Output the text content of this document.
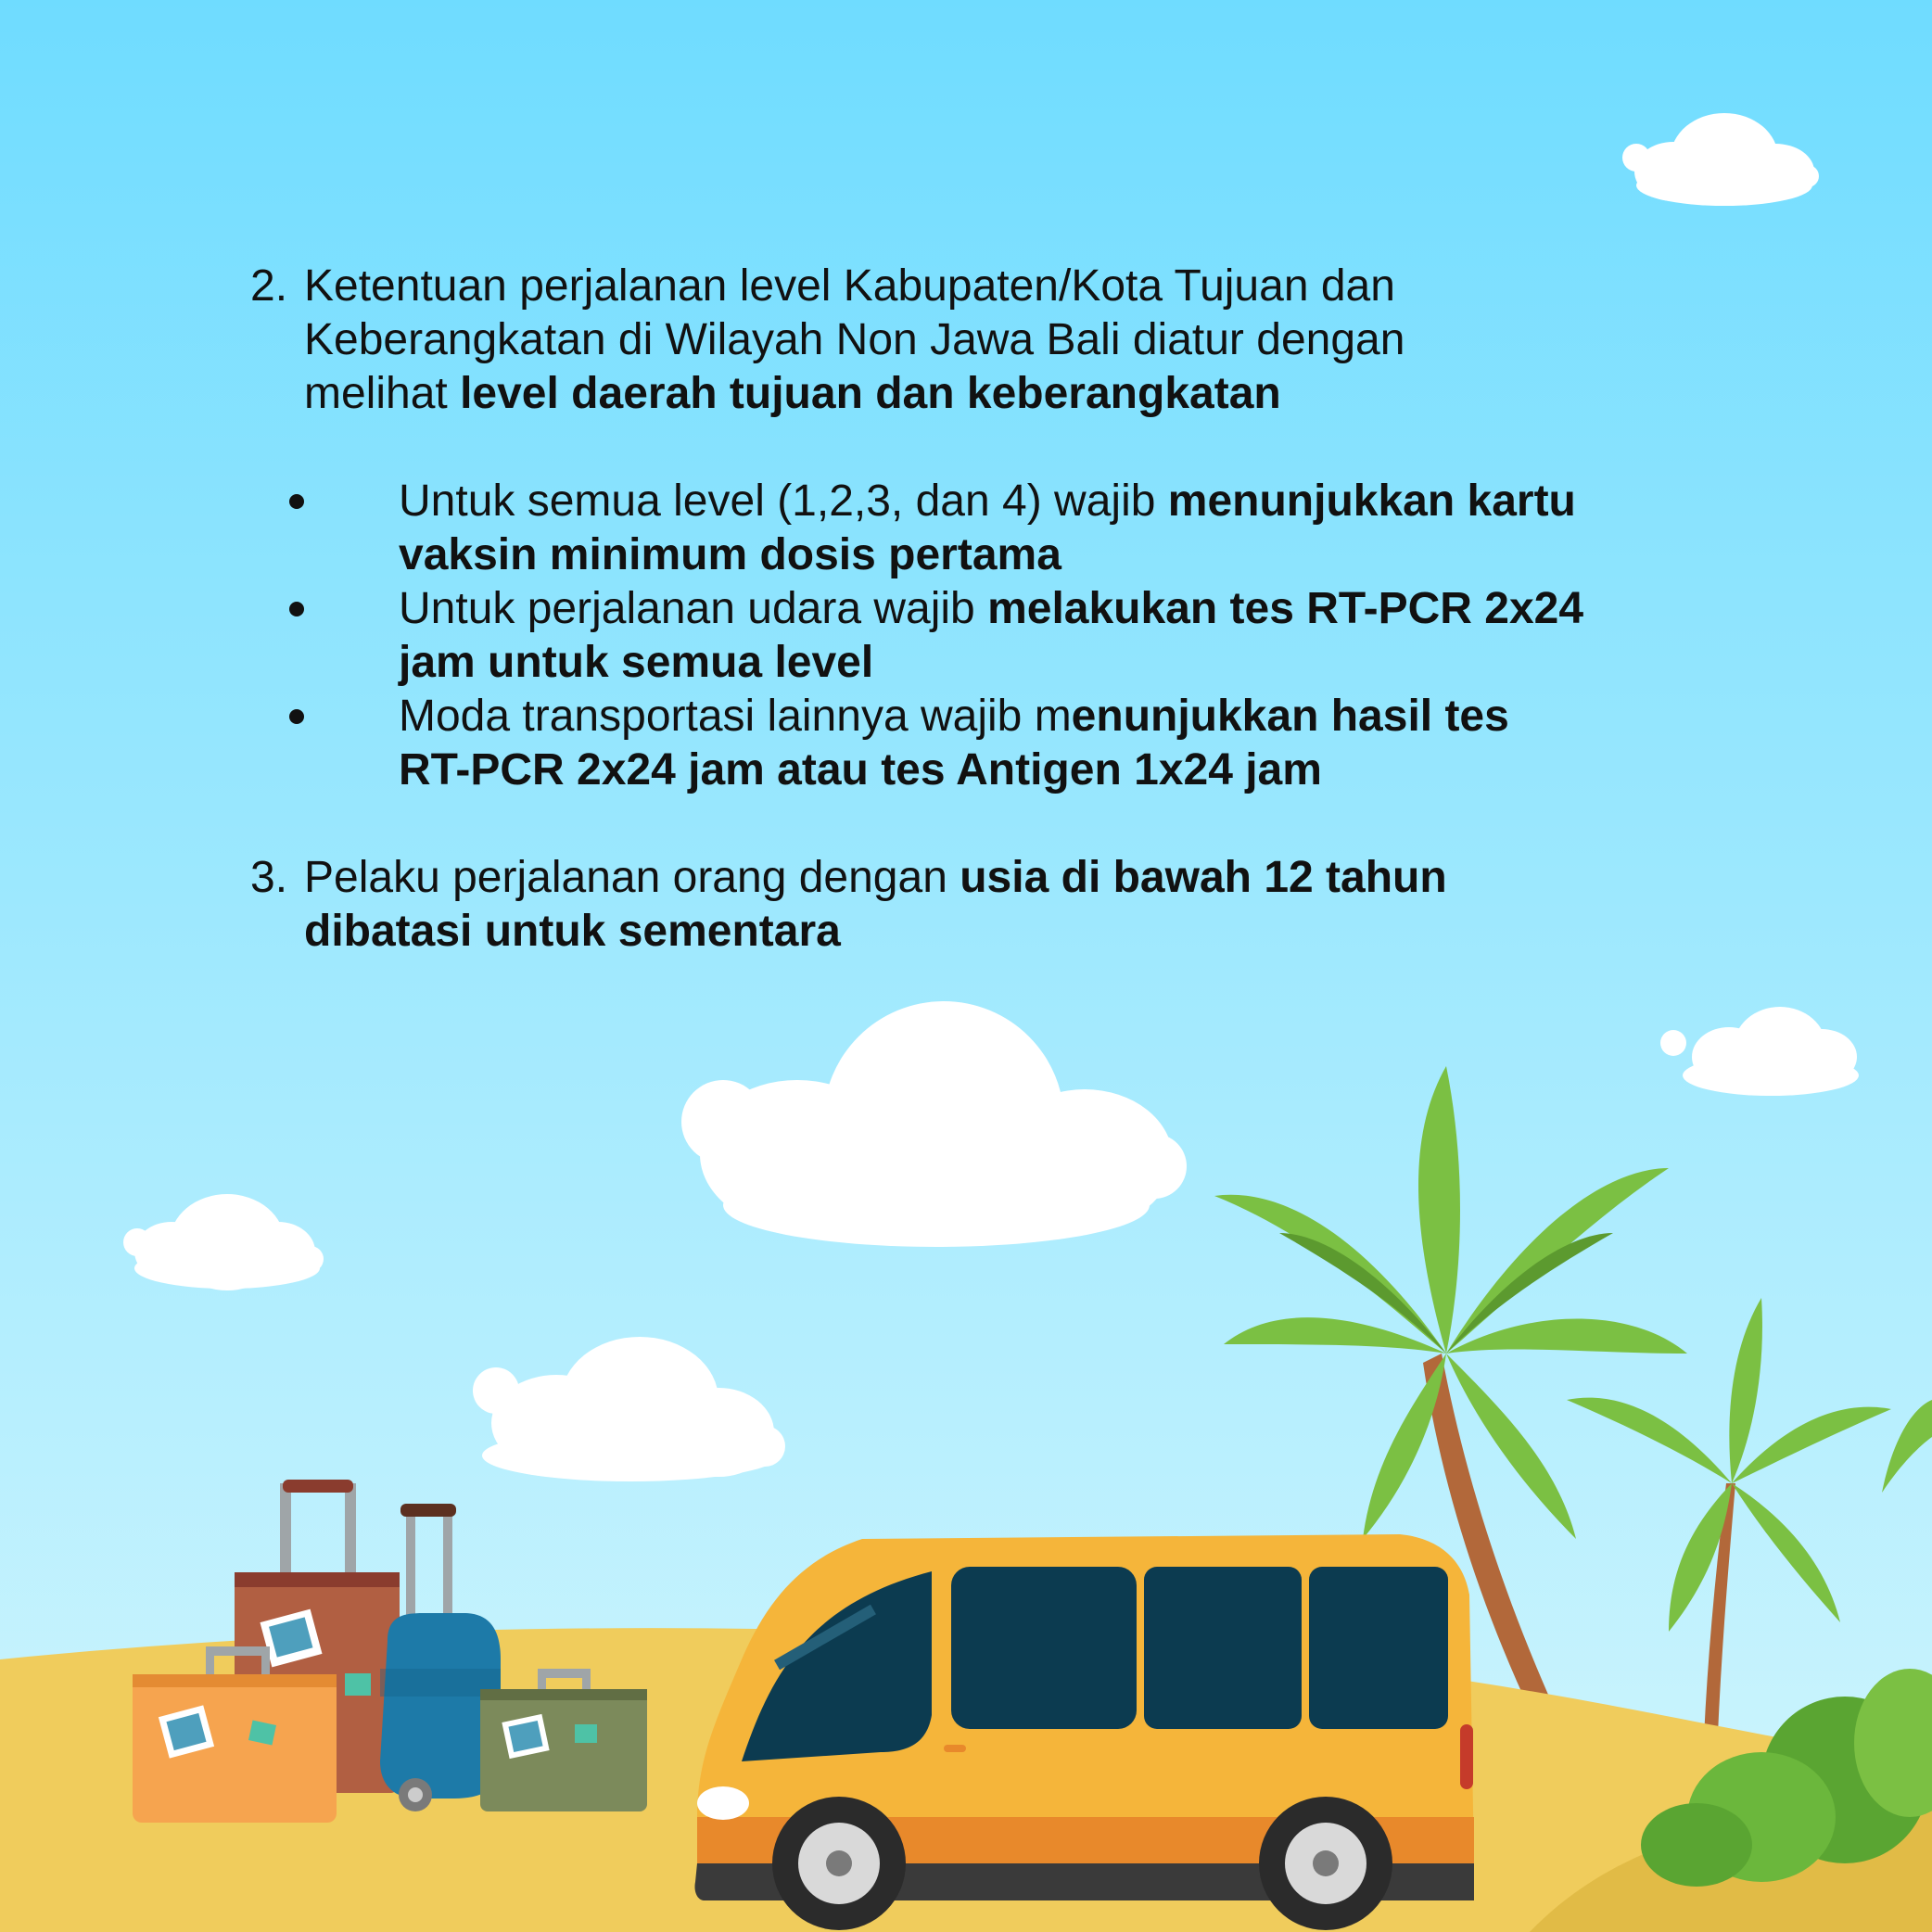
2. Ketentuan perjalanan level Kabupaten/Kota Tujuan dan
Keberangkatan di Wilayah Non Jawa Bali diatur dengan
melihat level daerah tujuan dan keberangkatan
Untuk semua level (1,2,3, dan 4) wajib menunjukkan kartu
vaksin minimum dosis pertama
Untuk perjalanan udara wajib melakukan tes RT-PCR 2x24
jam untuk semua level
Moda transportasi lainnya wajib menunjukkan hasil tes
RT-PCR 2x24 jam atau tes Antigen 1x24 jam
3. Pelaku perjalanan orang dengan usia di bawah 12 tahun
dibatasi untuk sementara
